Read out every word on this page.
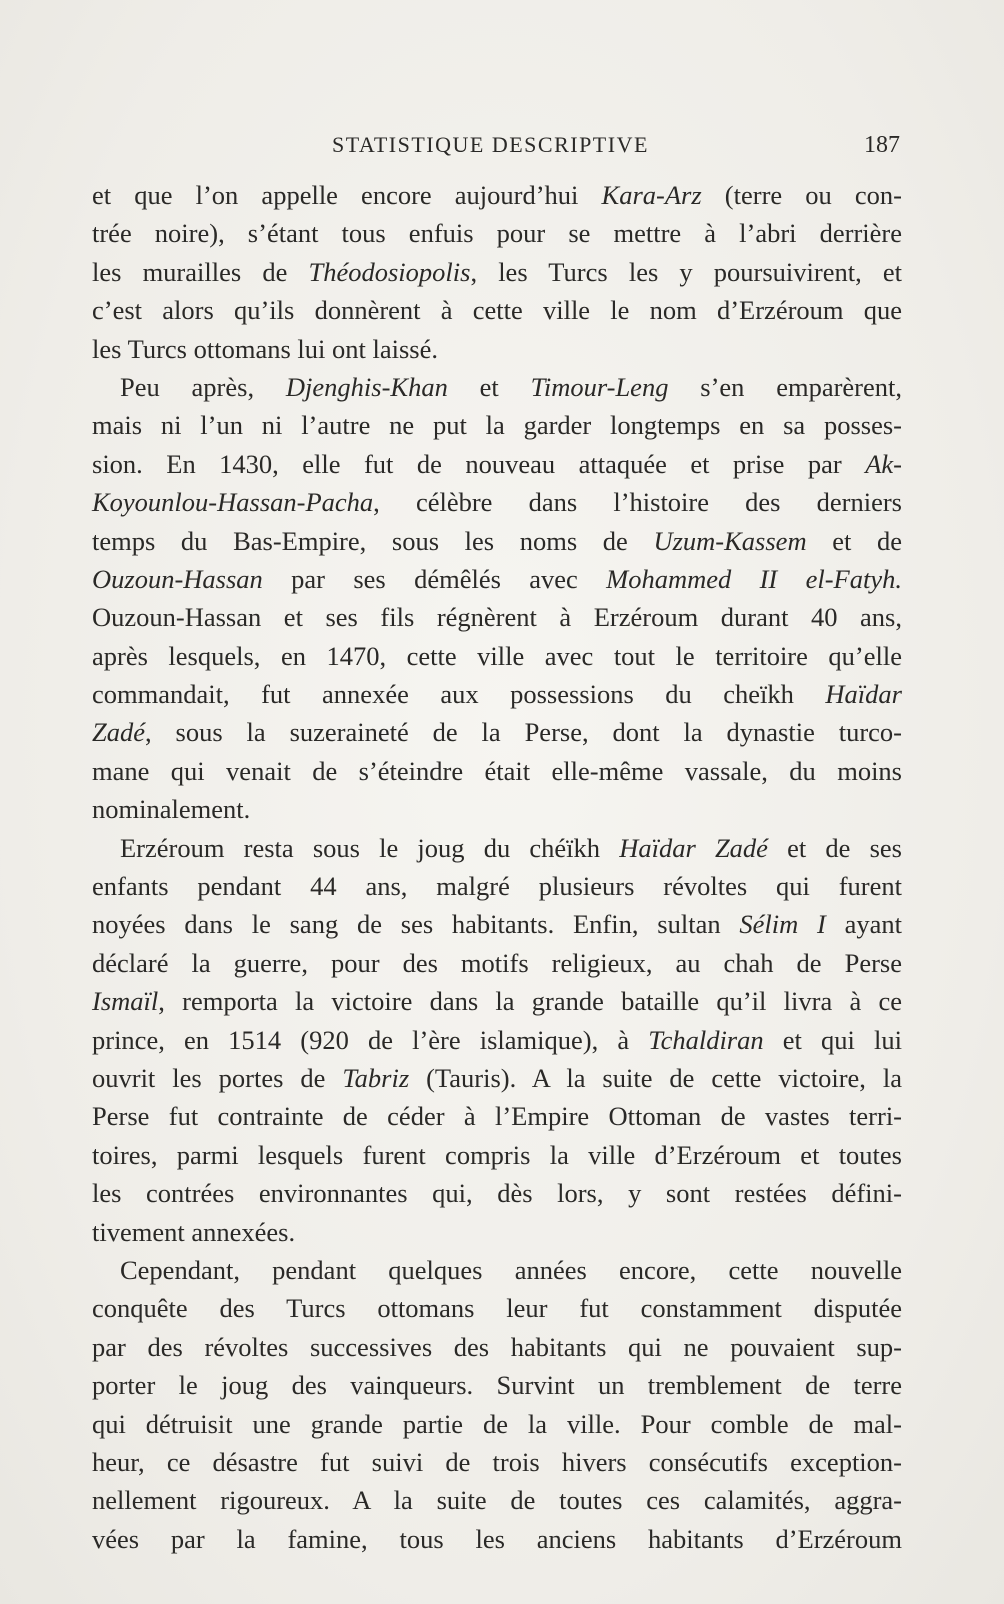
STATISTIQUE DESCRIPTIVE	187
et que l’on appelle encore aujourd’hui Kara-Arz (terre ou con-
trée noire), s’étant tous enfuis pour se mettre à l’abri derrière
les murailles de Théodosiopolis, les Turcs les y poursuivirent, et
c’est alors qu’ils donnèrent à cette ville le nom d’Erzéroum que
les Turcs ottomans lui ont laissé.
Peu après, Djenghis-Khan et Timour-Leng s’en emparèrent,
mais ni l’un ni l’autre ne put la garder longtemps en sa posses-
sion. En 1430, elle fut de nouveau attaquée et prise par Ak-
Koyounlou-Hassan-Pacha, célèbre dans l’histoire des derniers
temps du Bas-Empire, sous les noms de Uzum-Kassem et de
Ouzoun-Hassan par ses démêlés avec Mohammed II el-Fatyh.
Ouzoun-Hassan et ses fils régnèrent à Erzéroum durant 40 ans,
après lesquels, en 1470, cette ville avec tout le territoire qu’elle
commandait, fut annexée aux possessions du cheïkh Haïdar
Zadé, sous la suzeraineté de la Perse, dont la dynastie turco-
mane qui venait de s’éteindre était elle-même vassale, du moins
nominalement.
Erzéroum resta sous le joug du chéïkh Haïdar Zadé et de ses
enfants pendant 44 ans, malgré plusieurs révoltes qui furent
noyées dans le sang de ses habitants. Enfin, sultan Sélim I ayant
déclaré la guerre, pour des motifs religieux, au chah de Perse
Ismaïl, remporta la victoire dans la grande bataille qu’il livra à ce
prince, en 1514 (920 de l’ère islamique), à Tchaldiran et qui lui
ouvrit les portes de Tabriz (Tauris). A la suite de cette victoire, la
Perse fut contrainte de céder à l’Empire Ottoman de vastes terri-
toires, parmi lesquels furent compris la ville d’Erzéroum et toutes
les contrées environnantes qui, dès lors, y sont restées défini-
tivement annexées.
Cependant, pendant quelques années encore, cette nouvelle
conquête des Turcs ottomans leur fut constamment disputée
par des révoltes successives des habitants qui ne pouvaient sup-
porter le joug des vainqueurs. Survint un tremblement de terre
qui détruisit une grande partie de la ville. Pour comble de mal-
heur, ce désastre fut suivi de trois hivers consécutifs exception-
nellement rigoureux. A la suite de toutes ces calamités, aggra-
vées par la famine, tous les anciens habitants d’Erzéroum
